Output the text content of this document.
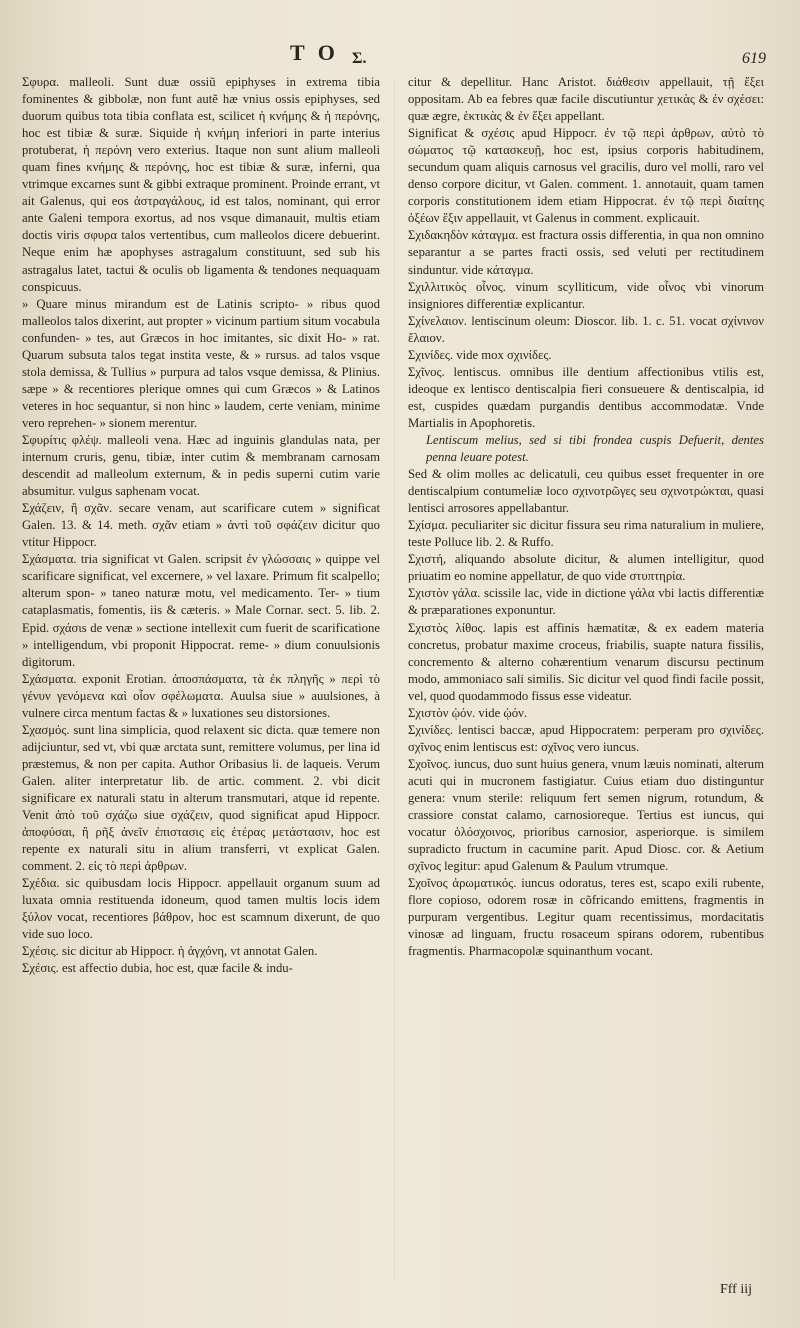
T O Σ.	619

Σφυρα. malleoli. Sunt duæ ossiũ epiphyses in extrema tibia fominentes & gibbolæ, non funt autẽ hæ vnius ossis epiphyses, sed duorum quibus tota tibia conflata est, scilicet ἡ κνήμης & ἡ περόνης, hoc est tibiæ & suræ. Siquide ἡ κνήμη inferiori in parte interius protuberat, ἡ περόνη vero exterius. Itaque non sunt alium malleoli quam fines κνήμης & περόνης, hoc est tibiæ & suræ, inferni, qua vtrimque excarnes sunt & gibbi extraque prominent. Proinde errant, vt ait Galenus, qui eos ἀστραγάλους, id est talos, nominant, qui error ante Galeni tempora exortus, ad nos vsque dimanauit, multis etiam doctis viris σφυρα talos vertentibus, cum malleolos dicere debuerint. Neque enim hæ apophyses astragalum constituunt, sed sub his astragalus latet, tactui & oculis ob ligamenta & tendones nequaquam conspicuus.

» Quare minus mirandum est de Latinis scripto- » ribus quod malleolos talos dixerint, aut propter » vicinum partium situm vocabula confunden- » tes, aut Græcos in hoc imitantes, sic dixit Ho- » rat. Quarum subsuta talos tegat instita veste, & » rursus. ad talos vsque stola demissa, & Tullius » purpura ad talos vsque demissa, & Plinius. sæpe » & recentiores plerique omnes qui cum Græcos » & Latinos veteres in hoc sequantur, si non hinc » laudem, certe veniam, minime vero reprehen- » sionem merentur.

Σφυρίτις φλέψ. malleoli vena. Hæc ad inguinis glandulas nata, per internum cruris, genu, tibiæ, inter cutim & membranam carnosam descendit ad malleolum externum, & in pedis superni cutim varie absumitur. vulgus saphenam vocat.

Σχάζειν, ἢ σχᾶν. secare venam, aut scarificare cutem » significat Galen. 13. & 14. meth. σχᾶν etiam » ἀντὶ τοῦ σφάζειν dicitur quo vtitur Hippocr.

Σχάσματα. tria significat vt Galen. scripsit ἐν γλώσσαις » quippe vel scarificare significat, vel excernere, » vel laxare. Primum fit scalpello; alterum spon- » taneo naturæ motu, vel medicamento. Ter- » tium cataplasmatis, fomentis, iis & cæteris. » Male Cornar. sect. 5. lib. 2. Epid. σχάσιs de venæ » sectione intellexit cum fuerit de scarificatione » intelligendum, vbi proponit Hippocrat. reme- » dium conuulsionis digitorum.

Σχάσματα. exponit Erotian. ἀποσπάσματα, τὰ ἐκ πληγῆς » περὶ τὸ γένυν γενόμενα καὶ οἷον σφέλωματα. Auulsa siue » auulsiones, à vulnere circa mentum factas & » luxationes seu distorsiones.

Σχασμός. sunt lina simplicia, quod relaxent sic dicta. quæ temere non adijciuntur, sed vt, vbi quæ arctata sunt, remittere volumus, per lina id præstemus, & non per capita. Author Oribasius li. de laqueis. Verum Galen. aliter interpretatur lib. de artic. comment. 2. vbi dicit significare ex naturali statu in alterum transmutari, atque id repente. Venit ἀπὸ τοῦ σχάζω siue σχάζειν, quod significat apud Hippocr. ἀποφύσαι, ἢ ρῆξ ἀνεῖν ἐπιστασις εἰς ἑτέρας μετάστασιν, hoc est repente ex naturali situ in alium transferri, vt explicat Galen. comment. 2. εἰς τὸ περὶ ἀρθρων.

Σχέδια. sic quibusdam locis Hippocr. appellauit organum suum ad luxata omnia restituenda idoneum, quod tamen multis locis idem ξύλον vocat, recentiores βάθρον, hoc est scamnum dixerunt, de quo vide suo loco.

Σχέσις. sic dicitur ab Hippocr. ἡ ἀγχόνη, vt annotat Galen.

Σχέσις. est affectio dubia, hoc est, quæ facile & indu-

citur & depellitur. Hanc Aristot. διάθεσιν appellauit, τῇ ἕξει oppositam. Ab ea febres quæ facile discutiuntur χετικὰς & ἐν σχέσει: quæ ægre, ἑκτικὰς & ἐν ἕξει appellant.

Significat & σχέσις apud Hippocr. ἐν τῷ περὶ ἀρθρων, αὐτὸ τὸ σώματος τῷ κατασκευῇ, hoc est, ipsius corporis habitudinem, secundum quam aliquis carnosus vel gracilis, duro vel molli, raro vel denso corpore dicitur, vt Galen. comment. 1. annotauit, quam tamen corporis constitutionem idem etiam Hippocrat. ἐν τῷ περὶ διαίτης ὀξέων ἕξιν appellauit, vt Galenus in comment. explicauit.

Σχιδακηδὸν κάταγμα. est fractura ossis differentia, in qua non omnino separantur a se partes fracti ossis, sed veluti per rectitudinem sinduntur. vide κάταγμα.

Σχιλλιτικὸς οἶνος. vinum scylliticum, vide οἶνος vbi vinorum insigniores differentiæ explicantur.

Σχίνελαιον. lentiscinum oleum: Dioscor. lib. 1. c. 51. vocat σχίνινον ἔλαιον.

Σχινίδες. vide mox σχινίδες.

Σχῖνος. lentiscus. omnibus ille dentium affectionibus vtilis est, ideoque ex lentisco dentiscalpia fieri consueuere & dentiscalpia, id est, cuspides quædam purgandis dentibus accommodatæ. Vnde Martialis in Apophoretis.

Lentiscum melius, sed si tibi frondea cuspis Defuerit, dentes penna leuare potest.

Sed & olim molles ac delicatuli, ceu quibus esset frequenter in ore dentiscalpium contumeliæ loco σχινοτρῶγες seu σχινοτρώκται, quasi lentisci arrosores appellabantur.

Σχίσμα. peculiariter sic dicitur fissura seu rima naturalium in muliere, teste Polluce lib. 2. & Ruffo.

Σχιστή, aliquando absolute dicitur, & alumen intelligitur, quod priuatim eo nomine appellatur, de quo vide στυπτηρία.

Σχιστὸν γάλα. scissile lac, vide in dictione γάλα vbi lactis differentiæ & præparationes exponuntur.

Σχιστὸς λίθος. lapis est affinis hæmatitæ, & ex eadem materia concretus, probatur maxime croceus, friabilis, suapte natura fissilis, concremento & alterno cohærentium venarum discursu pectinum modo, ammoniaco sali similis. Sic dicitur vel quod findi facile possit, vel, quod quodammodo fissus esse videatur.

Σχιστὸν ᾠόν. vide ᾠόν.

Σχινίδες. lentisci baccæ, apud Hippocratem: perperam pro σχινίδες. σχῖνος enim lentiscus est: σχῖνος vero iuncus.

Σχοῖνος. iuncus, duo sunt huius genera, vnum læuis nominati, alterum acuti qui in mucronem fastigiatur. Cuius etiam duo distinguntur genera: vnum sterile: reliquum fert semen nigrum, rotundum, & crassiore constat calamo, carnosioreque. Tertius est iuncus, qui vocatur ὁλόσχοινος, prioribus carnosior, asperiorque. is similem supradicto fructum in cacumine parit. Apud Diosc. cor. & Aetium σχῖνος legitur: apud Galenum & Paulum vtrumque.

Σχοῖνος ἀρωματικός. iuncus odoratus, teres est, scapo exili rubente, flore copioso, odorem rosæ in cõfricando emittens, fragmentis in purpuram vergentibus. Legitur quam recentissimus, mordacitatis vinosæ ad linguam, fructu rosaceum spirans odorem, rubentibus fragmentis. Pharmacopolæ squinanthum vocant.

Fff iij
